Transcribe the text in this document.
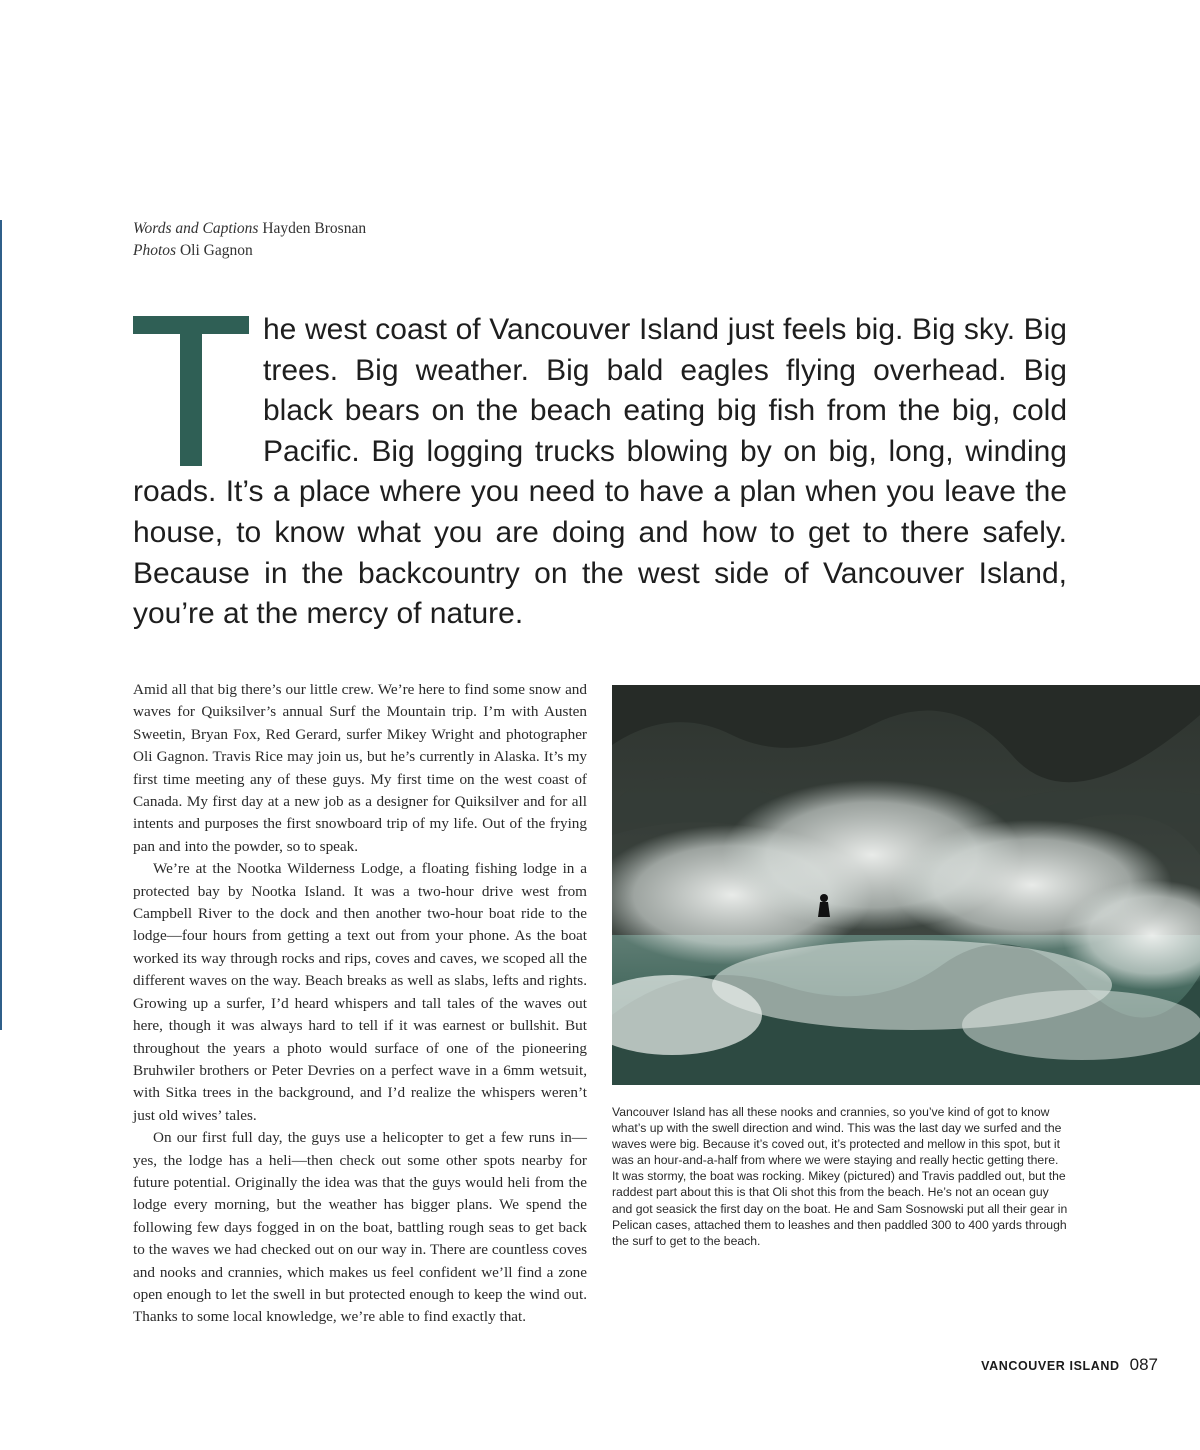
Words and Captions Hayden Brosnan
Photos Oli Gagnon
he west coast of Vancouver Island just feels big. Big sky. Big trees. Big weather. Big bald eagles flying overhead. Big black bears on the beach eating big fish from the big, cold Pacific. Big logging trucks blowing by on big, long, winding roads. It’s a place where you need to have a plan when you leave the house, to know what you are doing and how to get to there safely. Because in the backcountry on the west side of Vancouver Island, you’re at the mercy of nature.

Amid all that big there’s our little crew. We’re here to find some snow and waves for Quiksilver’s annual Surf the Mountain trip. I’m with Austen Sweetin, Bryan Fox, Red Gerard, surfer Mikey Wright and photographer Oli Gagnon. Travis Rice may join us, but he’s currently in Alaska. It’s my first time meeting any of these guys. My first time on the west coast of Canada. My first day at a new job as a designer for Quiksilver and for all intents and purposes the first snowboard trip of my life. Out of the frying pan and into the powder, so to speak.

We’re at the Nootka Wilderness Lodge, a floating fishing lodge in a protected bay by Nootka Island. It was a two-hour drive west from Campbell River to the dock and then another two-hour boat ride to the lodge—four hours from getting a text out from your phone. As the boat worked its way through rocks and rips, coves and caves, we scoped all the different waves on the way. Beach breaks as well as slabs, lefts and rights. Growing up a surfer, I’d heard whispers and tall tales of the waves out here, though it was always hard to tell if it was earnest or bullshit. But throughout the years a photo would surface of one of the pioneering Bruhwiler brothers or Peter Devries on a perfect wave in a 6mm wetsuit, with Sitka trees in the background, and I’d realize the whispers weren’t just old wives’ tales.

On our first full day, the guys use a helicopter to get a few runs in—yes, the lodge has a heli—then check out some other spots nearby for future potential. Originally the idea was that the guys would heli from the lodge every morning, but the weather has bigger plans. We spend the following few days fogged in on the boat, battling rough seas to get back to the waves we had checked out on our way in. There are countless coves and nooks and crannies, which makes us feel confident we’ll find a zone open enough to let the swell in but protected enough to keep the wind out. Thanks to some local knowledge, we’re able to find exactly that.

Vancouver Island has all these nooks and crannies, so you’ve kind of got to know what’s up with the swell direction and wind. This was the last day we surfed and the waves were big. Because it’s coved out, it’s protected and mellow in this spot, but it was an hour-and-a-half from where we were staying and really hectic getting there. It was stormy, the boat was rocking. Mikey (pictured) and Travis paddled out, but the raddest part about this is that Oli shot this from the beach. He’s not an ocean guy and got seasick the first day on the boat. He and Sam Sosnowski put all their gear in Pelican cases, attached them to leashes and then paddled 300 to 400 yards through the surf to get to the beach.
VANCOUVER ISLAND 087
